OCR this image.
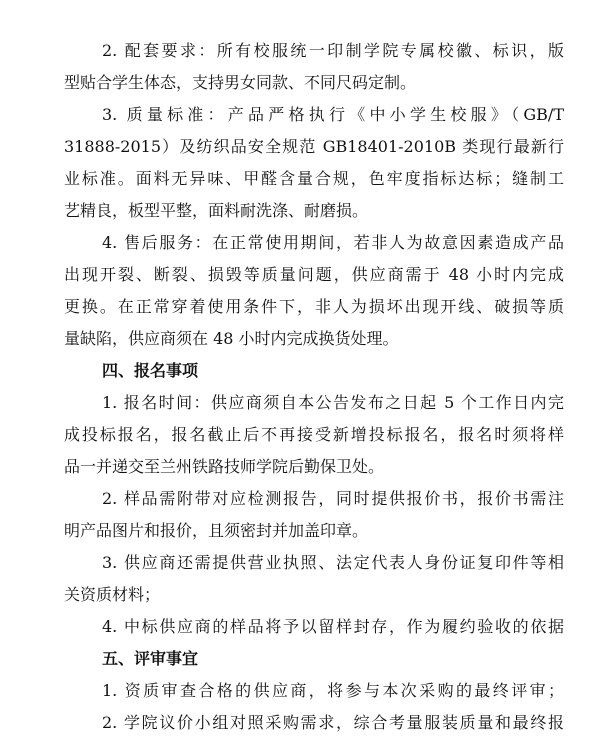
2. 配套要求：所有校服统一印制学院专属校徽、标识，版
型贴合学生体态，支持男女同款、不同尺码定制。
3. 质量标准：产品严格执行《中小学生校服》（GB/T
31888-2015）及纺织品安全规范 GB18401-2010B 类现行最新行
业标准。面料无异味、甲醛含量合规，色牢度指标达标；缝制工
艺精良，板型平整，面料耐洗涤、耐磨损。
4. 售后服务：在正常使用期间，若非人为故意因素造成产品
出现开裂、断裂、损毁等质量问题，供应商需于 48 小时内完成
更换。在正常穿着使用条件下，非人为损坏出现开线、破损等质
量缺陷，供应商须在 48 小时内完成换货处理。
四、报名事项
1. 报名时间：供应商须自本公告发布之日起 5 个工作日内完
成投标报名，报名截止后不再接受新增投标报名，报名时须将样
品一并递交至兰州铁路技师学院后勤保卫处。
2. 样品需附带对应检测报告，同时提供报价书，报价书需注
明产品图片和报价，且须密封并加盖印章。
3. 供应商还需提供营业执照、法定代表人身份证复印件等相
关资质材料；
4. 中标供应商的样品将予以留样封存，作为履约验收的依据
五、评审事宜
1. 资质审查合格的供应商，将参与本次采购的最终评审；
2. 学院议价小组对照采购需求，综合考量服装质量和最终报
